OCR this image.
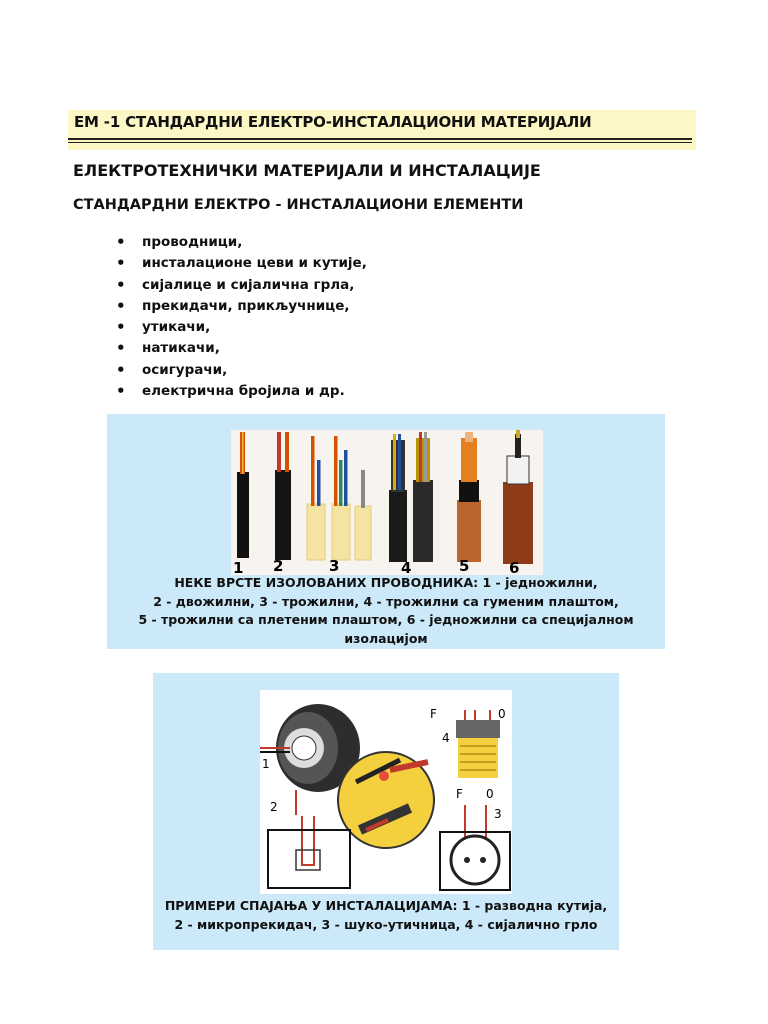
ЕМ -1 СТАНДАРДНИ ЕЛЕКТРО-ИНСТАЛАЦИОНИ МАТЕРИЈАЛИ
ЕЛЕКТРОТЕХНИЧКИ МАТЕРИЈАЛИ И ИНСТАЛАЦИЈЕ
СТАНДАРДНИ ЕЛЕКТРО - ИНСТАЛАЦИОНИ ЕЛЕМЕНТИ
• проводници,
• инсталационе цеви и кутије,
• сијалице и сијалична грла,
• прекидачи, прикључнице,
• утикачи,
• натикачи,
• осигурачи,
• електрична бројила и др.
1 2	3	4	5	6
НЕКЕ ВРСТЕ ИЗОЛОВАНИХ ПРОВОДНИКА: 1 - једножилни,
2 - двожилни, 3 - трожилни, 4 - трожилни са гуменим плаштом,
5 - трожилни са плетеним плаштом, 6 - једножилни са специјалном
изолацијом
1
2	3
4
F	0
F 0
ПРИМЕРИ СПАЈАЊА У ИНСТАЛАЦИЈАМА: 1 - разводна кутија,
2 - микропрекидач, 3 - шуко-утичница, 4 - сијалично грло
